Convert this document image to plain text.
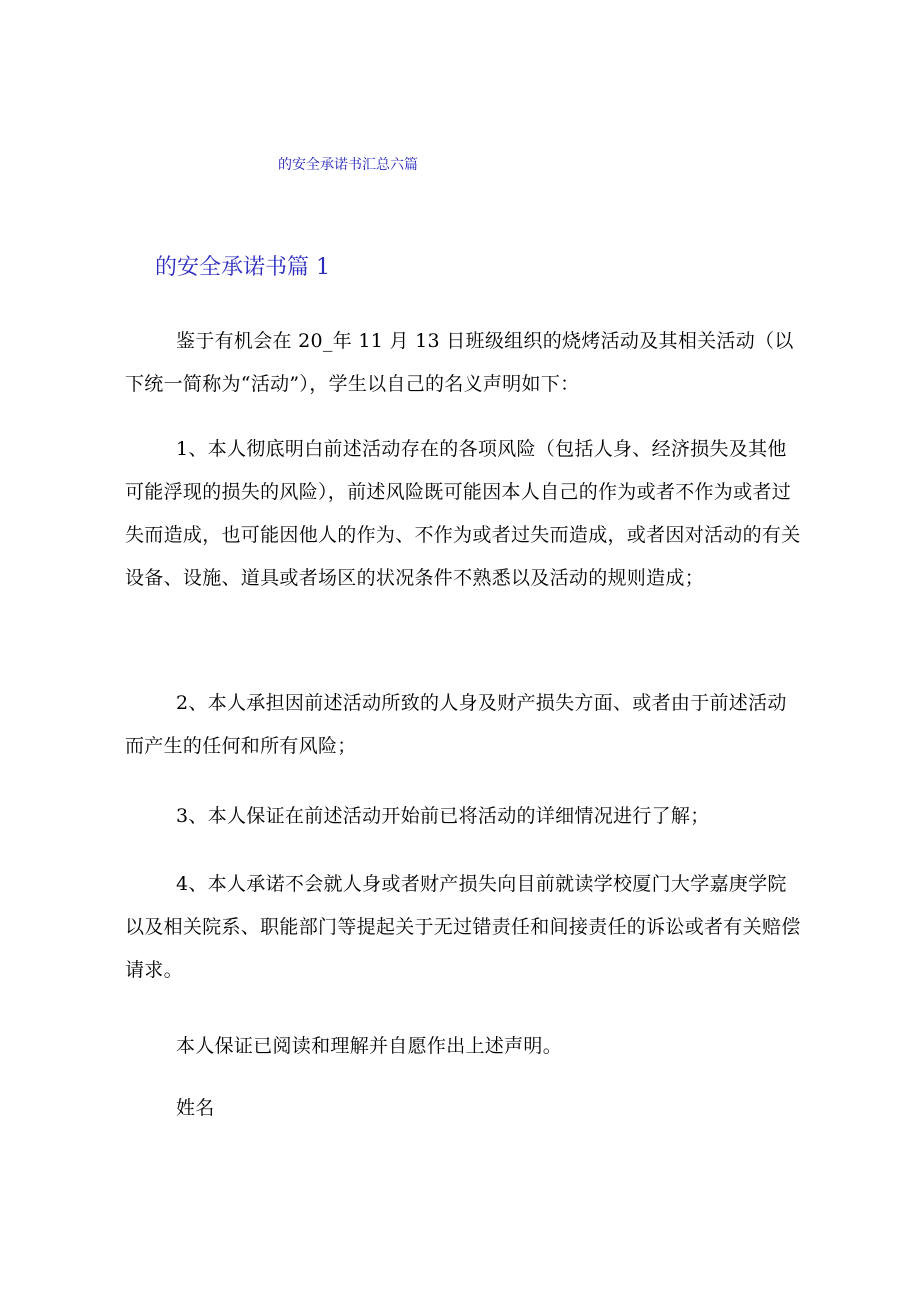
的安全承诺书汇总六篇
的安全承诺书篇 1

鉴于有机会在 20_年 11 月 13 日班级组织的烧烤活动及其相关活动（以下统一简称为“活动”），学生以自己的名义声明如下：

1、本人彻底明白前述活动存在的各项风险（包括人身、经济损失及其他可能浮现的损失的风险），前述风险既可能因本人自己的作为或者不作为或者过失而造成，也可能因他人的作为、不作为或者过失而造成，或者因对活动的有关设备、设施、道具或者场区的状况条件不熟悉以及活动的规则造成；

2、本人承担因前述活动所致的人身及财产损失方面、或者由于前述活动而产生的任何和所有风险；

3、本人保证在前述活动开始前已将活动的详细情况进行了解；

4、本人承诺不会就人身或者财产损失向目前就读学校厦门大学嘉庚学院以及相关院系、职能部门等提起关于无过错责任和间接责任的诉讼或者有关赔偿请求。

本人保证已阅读和理解并自愿作出上述声明。

姓名
